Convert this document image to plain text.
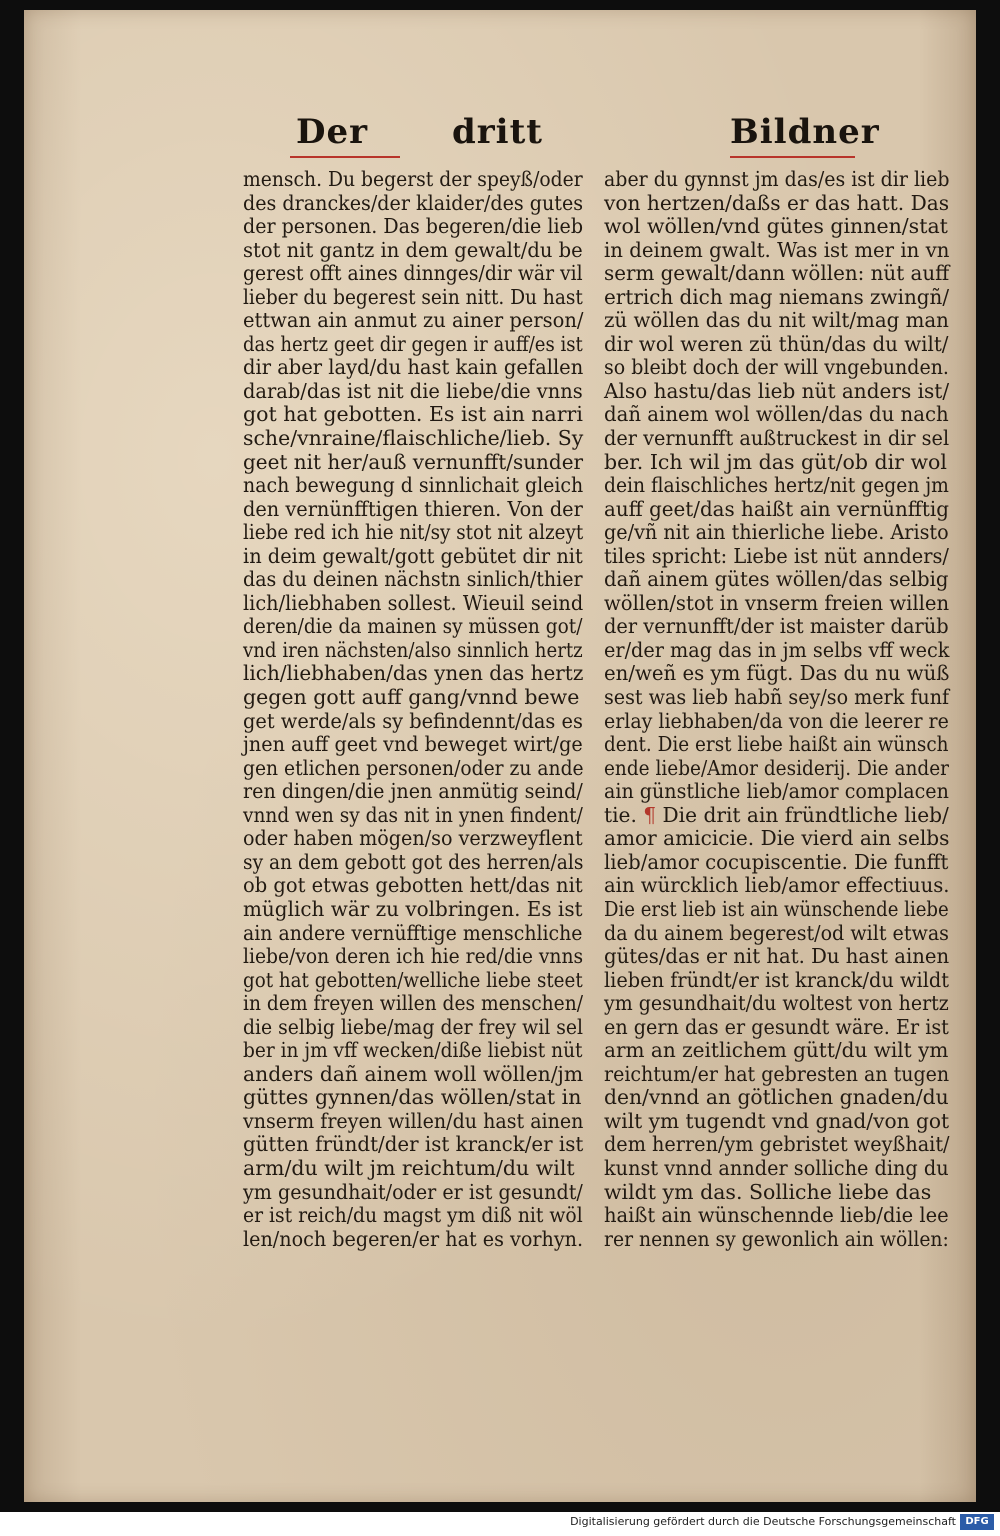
Der dritt	Bildner
mensch. Du begerst der speyß/oder
des dranckes/der klaider/des gutes
der personen. Das begeren/die lieb
stot nit gantz in dem gewalt/du be
gerest offt aines dinnges/dir wär vil
lieber du begerest sein nitt. Du hast
ettwan ain anmut zu ainer person/
das hertz geet dir gegen ir auff/es ist
dir aber layd/du hast kain gefallen
darab/das ist nit die liebe/die vnns
got hat gebotten. Es ist ain narri
sche/vnraine/flaischliche/lieb. Sy
geet nit her/auß vernunfft/sunder
nach bewegung d sinnlichait gleich
den vernünfftigen thieren. Von der
liebe red ich hie nit/sy stot nit alzeyt
in deim gewalt/gott gebütet dir nit
das du deinen nächstn sinlich/thier
lich/liebhaben sollest. Wieuil seind
deren/die da mainen sy müssen got/
vnd iren nächsten/also sinnlich hertz
lich/liebhaben/das ynen das hertz
gegen gott auff gang/vnnd bewe
get werde/als sy befindennt/das es
jnen auff geet vnd beweget wirt/ge
gen etlichen personen/oder zu ande
ren dingen/die jnen anmütig seind/
vnnd wen sy das nit in ynen findent/
oder haben mögen/so verzweyflent
sy an dem gebott got des herren/als
ob got etwas gebotten hett/das nit
müglich wär zu volbringen. Es ist
ain andere vernüfftige menschliche
liebe/von deren ich hie red/die vnns
got hat gebotten/welliche liebe steet
in dem freyen willen des menschen/
die selbig liebe/mag der frey wil sel
ber in jm vff wecken/diße liebist nüt
anders dañ ainem woll wöllen/jm
güttes gynnen/das wöllen/stat in
vnserm freyen willen/du hast ainen
gütten fründt/der ist kranck/er ist
arm/du wilt jm reichtum/du wilt
ym gesundhait/oder er ist gesundt/
er ist reich/du magst ym diß nit wöl
len/noch begeren/er hat es vorhyn.
aber du gynnst jm das/es ist dir lieb
von hertzen/daßs er das hatt. Das
wol wöllen/vnd gütes ginnen/stat
in deinem gwalt. Was ist mer in vn
serm gewalt/dann wöllen: nüt auff
ertrich dich mag niemans zwingñ/
zü wöllen das du nit wilt/mag man
dir wol weren zü thün/das du wilt/
so bleibt doch der will vngebunden.
Also hastu/das lieb nüt anders ist/
dañ ainem wol wöllen/das du nach
der vernunfft außtruckest in dir sel
ber. Ich wil jm das güt/ob dir wol
dein flaischliches hertz/nit gegen jm
auff geet/das haißt ain vernünfftig
ge/vñ nit ain thierliche liebe. Aristo
tiles spricht: Liebe ist nüt annders/
dañ ainem gütes wöllen/das selbig
wöllen/stot in vnserm freien willen
der vernunfft/der ist maister darüb
er/der mag das in jm selbs vff weck
en/weñ es ym fügt. Das du nu wüß
sest was lieb habñ sey/so merk funf
erlay liebhaben/da von die leerer re
dent. Die erst liebe haißt ain wünsch
ende liebe/Amor desiderij. Die ander
ain günstliche lieb/amor complacen
tie. ¶ Die drit ain fründtliche lieb/
amor amicicie. Die vierd ain selbs
lieb/amor cocupiscentie. Die funfft
ain würcklich lieb/amor effectiuus.
Die erst lieb ist ain wünschende liebe
da du ainem begerest/od wilt etwas
gütes/das er nit hat. Du hast ainen
lieben fründt/er ist kranck/du wildt
ym gesundhait/du woltest von hertz
en gern das er gesundt wäre. Er ist
arm an zeitlichem gütt/du wilt ym
reichtum/er hat gebresten an tugen
den/vnnd an götlichen gnaden/du
wilt ym tugendt vnd gnad/von got
dem herren/ym gebristet weyßhait/
kunst vnnd annder solliche ding du
wildt ym das. Solliche liebe das
haißt ain wünschennde lieb/die lee
rer nennen sy gewonlich ain wöllen:
Digitalisierung gefördert durch die Deutsche Forschungsgemeinschaft DFG
